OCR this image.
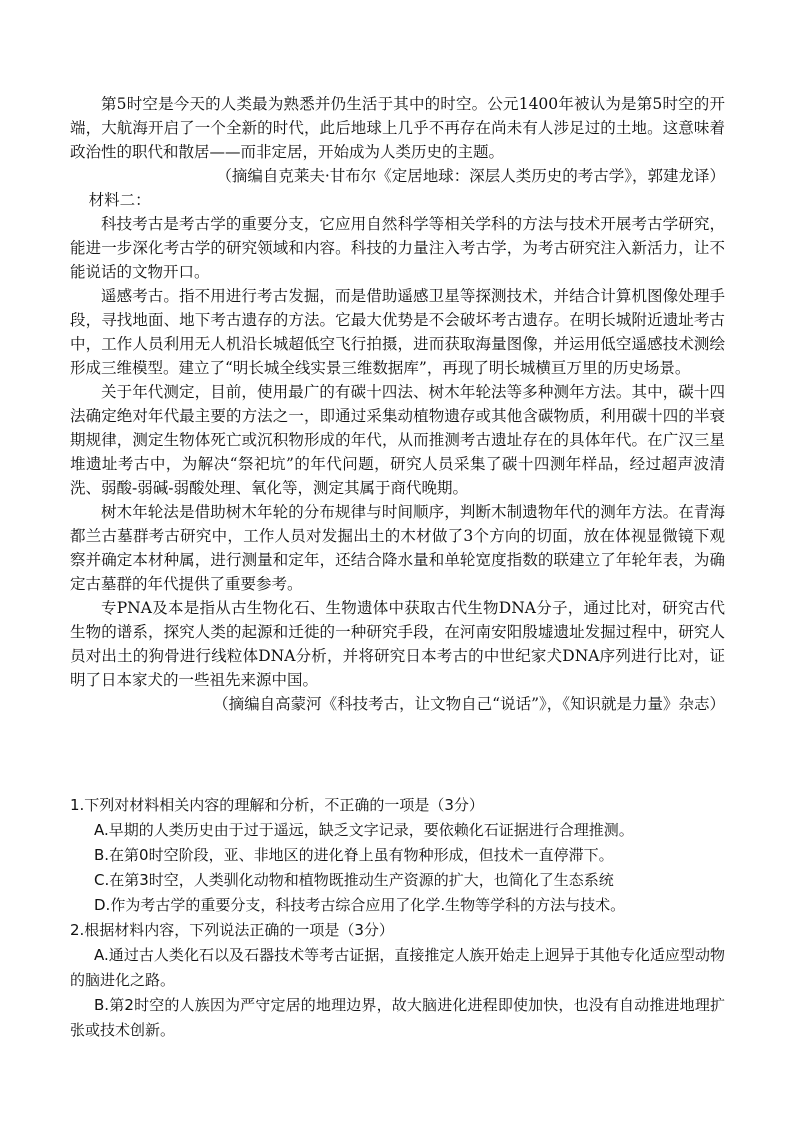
第5时空是今天的人类最为熟悉并仍生活于其中的时空。公元1400年被认为是第5时空的开端，大航海开启了一个全新的时代，此后地球上几乎不再存在尚未有人涉足过的土地。这意味着政治性的职代和散居——而非定居，开始成为人类历史的主题。

（摘编自克莱夫·甘布尔《定居地球：深层人类历史的考古学》，郭建龙译）

材料二：

科技考古是考古学的重要分支，它应用自然科学等相关学科的方法与技术开展考古学研究，能进一步深化考古学的研究领域和内容。科技的力量注入考古学，为考古研究注入新活力，让不能说话的文物开口。

遥感考古。指不用进行考古发掘，而是借助遥感卫星等探测技术，并结合计算机图像处理手段，寻找地面、地下考古遗存的方法。它最大优势是不会破坏考古遗存。在明长城附近遗址考古中，工作人员利用无人机沿长城超低空飞行拍摄，进而获取海量图像，并运用低空遥感技术测绘形成三维模型。建立了“明长城全线实景三维数据库”，再现了明长城横亘万里的历史场景。

关于年代测定，目前，使用最广的有碳十四法、树木年轮法等多种测年方法。其中，碳十四法确定绝对年代最主要的方法之一，即通过采集动植物遗存或其他含碳物质，利用碳十四的半衰期规律，测定生物体死亡或沉积物形成的年代，从而推测考古遗址存在的具体年代。在广汉三星堆遗址考古中，为解决“祭祀坑”的年代问题，研究人员采集了碳十四测年样品，经过超声波清洗、弱酸-弱碱-弱酸处理、氧化等，测定其属于商代晚期。

树木年轮法是借助树木年轮的分布规律与时间顺序，判断木制遗物年代的测年方法。在青海都兰古墓群考古研究中，工作人员对发掘出土的木材做了3个方向的切面，放在体视显微镜下观察并确定本材种属，进行测量和定年，还结合降水量和单轮宽度指数的联建立了年轮年表，为确定古墓群的年代提供了重要参考。

专PNA及本是指从古生物化石、生物遗体中获取古代生物DNA分子，通过比对，研究古代生物的谱系，探究人类的起源和迁徙的一种研究手段，在河南安阳殷墟遗址发掘过程中，研究人员对出土的狗骨进行线粒体DNA分析，并将研究日本考古的中世纪家犬DNA序列进行比对，证明了日本家犬的一些祖先来源中国。

（摘编自高蒙河《科技考古，让文物自己“说话”》，《知识就是力量》杂志）

1.下列对材料相关内容的理解和分析，不正确的一项是（3分）

A.早期的人类历史由于过于遥远，缺乏文字记录，要依赖化石证据进行合理推测。

B.在第0时空阶段，亚、非地区的进化脊上虽有物种形成，但技术一直停滞下。

C.在第3时空，人类驯化动物和植物既推动生产资源的扩大，也简化了生态系统

D.作为考古学的重要分支，科技考古综合应用了化学.生物等学科的方法与技术。

2.根据材料内容，下列说法正确的一项是（3分）

A.通过古人类化石以及石器技术等考古证据，直接推定人族开始走上迥异于其他专化适应型动物的脑进化之路。

B.第2时空的人族因为严守定居的地理边界，故大脑进化进程即使加快，也没有自动推进地理扩张或技术创新。
